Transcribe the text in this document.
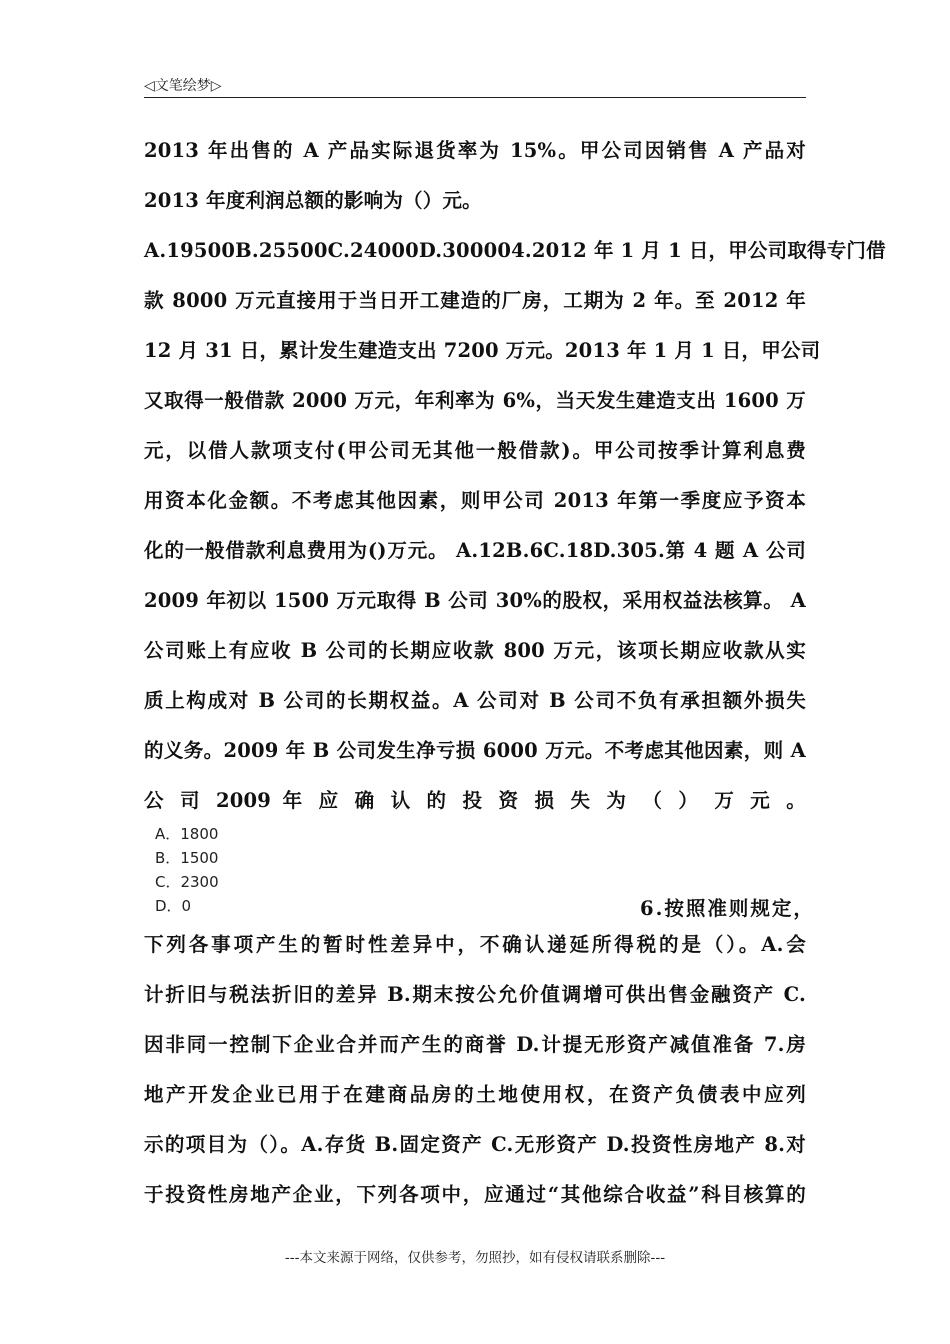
◁文笔绘梦▷
2013 年出售的 A 产品实际退货率为 15%。甲公司因销售 A 产品对
2013 年度利润总额的影响为（）元。
A.19500B.25500C.24000D.300004.2012 年 1 月 1 日，甲公司取得专门借
款 8000 万元直接用于当日开工建造的厂房，工期为 2 年。至 2012 年
12 月 31 日，累计发生建造支出 7200 万元。2013 年 1 月 1 日，甲公司
又取得一般借款 2000 万元，年利率为 6%，当天发生建造支出 1600 万
元，以借人款项支付(甲公司无其他一般借款)。甲公司按季计算利息费
用资本化金额。不考虑其他因素，则甲公司 2013 年第一季度应予资本
化的一般借款利息费用为()万元。 A.12B.6C.18D.305.第 4 题 A 公司
2009 年初以 1500 万元取得 B 公司 30%的股权，采用权益法核算。 A
公司账上有应收 B 公司的长期应收款 800 万元，该项长期应收款从实
质上构成对 B 公司的长期权益。A 公司对 B 公司不负有承担额外损失
的义务。2009 年 B 公司发生净亏损 6000 万元。不考虑其他因素，则 A
公 司 2009 年 应 确 认 的 投 资 损 失 为 （ ） 万 元 。
A．1800
B．1500
C．2300
D．0	6.按照准则规定，
下列各事项产生的暂时性差异中，不确认递延所得税的是（）。A.会
计折旧与税法折旧的差异 B.期末按公允价值调增可供出售金融资产 C.
因非同一控制下企业合并而产生的商誉 D.计提无形资产减值准备 7.房
地产开发企业已用于在建商品房的土地使用权，在资产负债表中应列
示的项目为（）。A.存货 B.固定资产 C.无形资产 D.投资性房地产 8.对
于投资性房地产企业，下列各项中，应通过“其他综合收益”科目核算的
---本文来源于网络，仅供参考，勿照抄，如有侵权请联系删除---
